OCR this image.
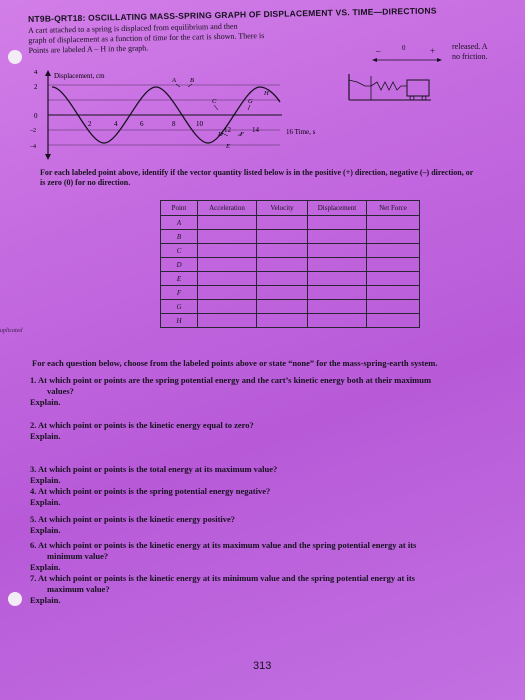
uplicated
NT9B-QRT18: OSCILLATING MASS-SPRING GRAPH OF DISPLACEMENT VS. TIME—DIRECTIONS
A cart attached to a spring is displaced from equilibrium and then
graph of displacement as a function of time for the cart is shown. There is
Points are labeled A – H in the graph.	–	0	+ released. A
no friction.
2
4
0
–2
–4
Displacement, cm
2	4	6	8	10
12	14	16 Time, s
A B
C
D
E
F
G
H
For each labeled point above, identify if the vector quantity listed below is in the positive (+) direction, negative (–) direction, or is zero (0) for no direction.
Point	Acceleration	Velocity	Displacement	Net Force
A				
B				
C				
D				
E				
F				
G				
H				
For each question below, choose from the labeled points above or state “none” for the mass-spring-earth system.
1. At which point or points are the spring potential energy and the cart’s kinetic energy both at their maximum
values?
Explain.
2. At which point or points is the kinetic energy equal to zero?
Explain.
3. At which point or points is the total energy at its maximum value?
Explain.
4. At which point or points is the spring potential energy negative?
Explain.
5. At which point or points is the kinetic energy positive?
Explain.
6. At which point or points is the kinetic energy at its maximum value and the spring potential energy at its
minimum value?
Explain.
7. At which point or points is the kinetic energy at its minimum value and the spring potential energy at its
maximum value?
Explain.
313
